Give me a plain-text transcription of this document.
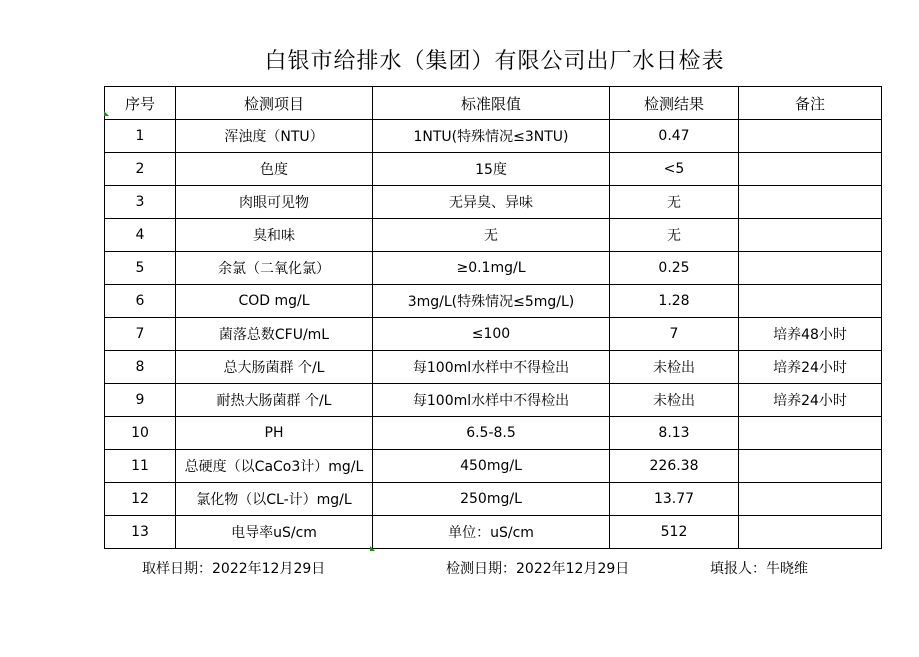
白银市给排水（集团）有限公司出厂水日检表
序号	检测项目	标准限值	检测结果	备注
1	浑浊度（NTU）	1NTU(特殊情况≤3NTU)	0.47	
2	色度	15度	<5	
3	肉眼可见物	无异臭、异味	无	
4	臭和味	无	无	
5	余氯（二氧化氯）	≥0.1mg/L	0.25	
6	COD mg/L	3mg/L(特殊情况≤5mg/L)	1.28	
7	菌落总数CFU/mL	≤100	7	培养48小时
8	总大肠菌群 个/L	每100ml水样中不得检出	未检出	培养24小时
9	耐热大肠菌群 个/L	每100ml水样中不得检出	未检出	培养24小时
10	PH	6.5-8.5	8.13	
11	总硬度（以CaCo3计）mg/L	450mg/L	226.38	
12	氯化物（以CL-计）mg/L	250mg/L	13.77	
13	电导率uS/cm	单位：uS/cm	512	
取样日期：2022年12月29日	检测日期：2022年12月29日	填报人：牛晓维
